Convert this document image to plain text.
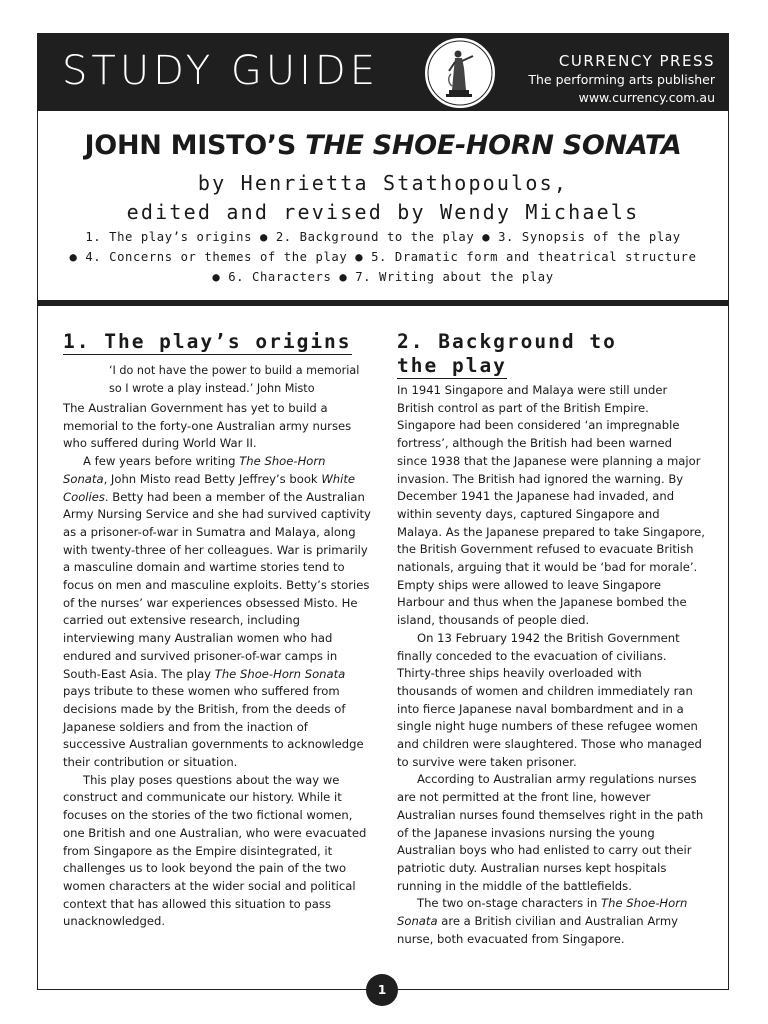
STUDY GUIDE	CURRENCY PRESS
The performing arts publisher
www.currency.com.au
JOHN MISTO’S THE SHOE-HORN SONATA
by Henrietta Stathopoulos,
edited and revised by Wendy Michaels
1. The play’s origins ● 2. Background to the play ● 3. Synopsis of the play
● 4. Concerns or themes of the play ● 5. Dramatic form and theatrical structure
● 6. Characters ● 7. Writing about the play
1. The play’s origins
‘I do not have the power to build a memorial so I wrote a play instead.’ John Misto

The Australian Government has yet to build a memorial to the forty-one Australian army nurses who suffered during World War II.

A few years before writing The Shoe-Horn Sonata, John Misto read Betty Jeffrey’s book White Coolies. Betty had been a member of the Australian Army Nursing Service and she had survived captivity as a prisoner-of-war in Sumatra and Malaya, along with twenty-three of her colleagues. War is primarily a masculine domain and wartime stories tend to focus on men and masculine exploits. Betty’s stories of the nurses’ war experiences obsessed Misto. He carried out extensive research, including interviewing many Australian women who had endured and survived prisoner-of-war camps in South-East Asia. The play The Shoe-Horn Sonata pays tribute to these women who suffered from decisions made by the British, from the deeds of Japanese soldiers and from the inaction of successive Australian governments to acknowledge their contribution or situation.

This play poses questions about the way we construct and communicate our history. While it focuses on the stories of the two fictional women, one British and one Australian, who were evacuated from Singapore as the Empire disintegrated, it challenges us to look beyond the pain of the two women characters at the wider social and political context that has allowed this situation to pass unacknowledged.

2. Background to
the play

In 1941 Singapore and Malaya were still under British control as part of the British Empire. Singapore had been considered ‘an impregnable fortress’, although the British had been warned since 1938 that the Japanese were planning a major invasion. The British had ignored the warning. By December 1941 the Japanese had invaded, and within seventy days, captured Singapore and Malaya. As the Japanese prepared to take Singapore, the British Government refused to evacuate British nationals, arguing that it would be ‘bad for morale’. Empty ships were allowed to leave Singapore Harbour and thus when the Japanese bombed the island, thousands of people died.

On 13 February 1942 the British Government finally conceded to the evacuation of civilians. Thirty-three ships heavily overloaded with thousands of women and children immediately ran into fierce Japanese naval bombardment and in a single night huge numbers of these refugee women and children were slaughtered. Those who managed to survive were taken prisoner.

According to Australian army regulations nurses are not permitted at the front line, however Australian nurses found themselves right in the path of the Japanese invasions nursing the young Australian boys who had enlisted to carry out their patriotic duty. Australian nurses kept hospitals running in the middle of the battlefields.

The two on-stage characters in The Shoe-Horn Sonata are a British civilian and Australian Army nurse, both evacuated from Singapore.

1
